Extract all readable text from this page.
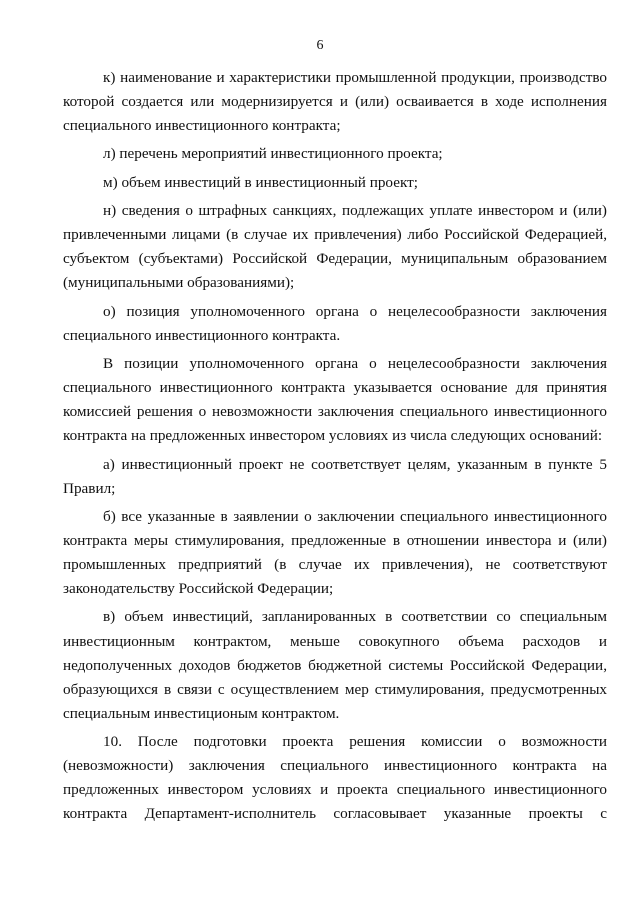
6

к) наименование и характеристики промышленной продукции, производство которой создается или модернизируется и (или) осваивается в ходе исполнения специального инвестиционного контракта;

л) перечень мероприятий инвестиционного проекта;

м) объем инвестиций в инвестиционный проект;

н) сведения о штрафных санкциях, подлежащих уплате инвестором и (или) привлеченными лицами (в случае их привлечения) либо Российской Федерацией, субъектом (субъектами) Российской Федерации, муниципальным образованием (муниципальными образованиями);

о) позиция уполномоченного органа о нецелесообразности заключения специального инвестиционного контракта.

В позиции уполномоченного органа о нецелесообразности заключения специального инвестиционного контракта указывается основание для принятия комиссией решения о невозможности заключения специального инвестиционного контракта на предложенных инвестором условиях из числа следующих оснований:

а) инвестиционный проект не соответствует целям, указанным в пункте 5 Правил;

б) все указанные в заявлении о заключении специального инвестиционного контракта меры стимулирования, предложенные в отношении инвестора и (или) промышленных предприятий (в случае их привлечения), не соответствуют законодательству Российской Федерации;

в) объем инвестиций, запланированных в соответствии со специальным инвестиционным контрактом, меньше совокупного объема расходов и недополученных доходов бюджетов бюджетной системы Российской Федерации, образующихся в связи с осуществлением мер стимулирования, предусмотренных специальным инвестиционым контрактом.

10. После подготовки проекта решения комиссии о возможности (невозможности) заключения специального инвестиционного контракта на предложенных инвестором условиях и проекта специального инвестиционного контракта Департамент-исполнитель согласовывает указанные проекты с
